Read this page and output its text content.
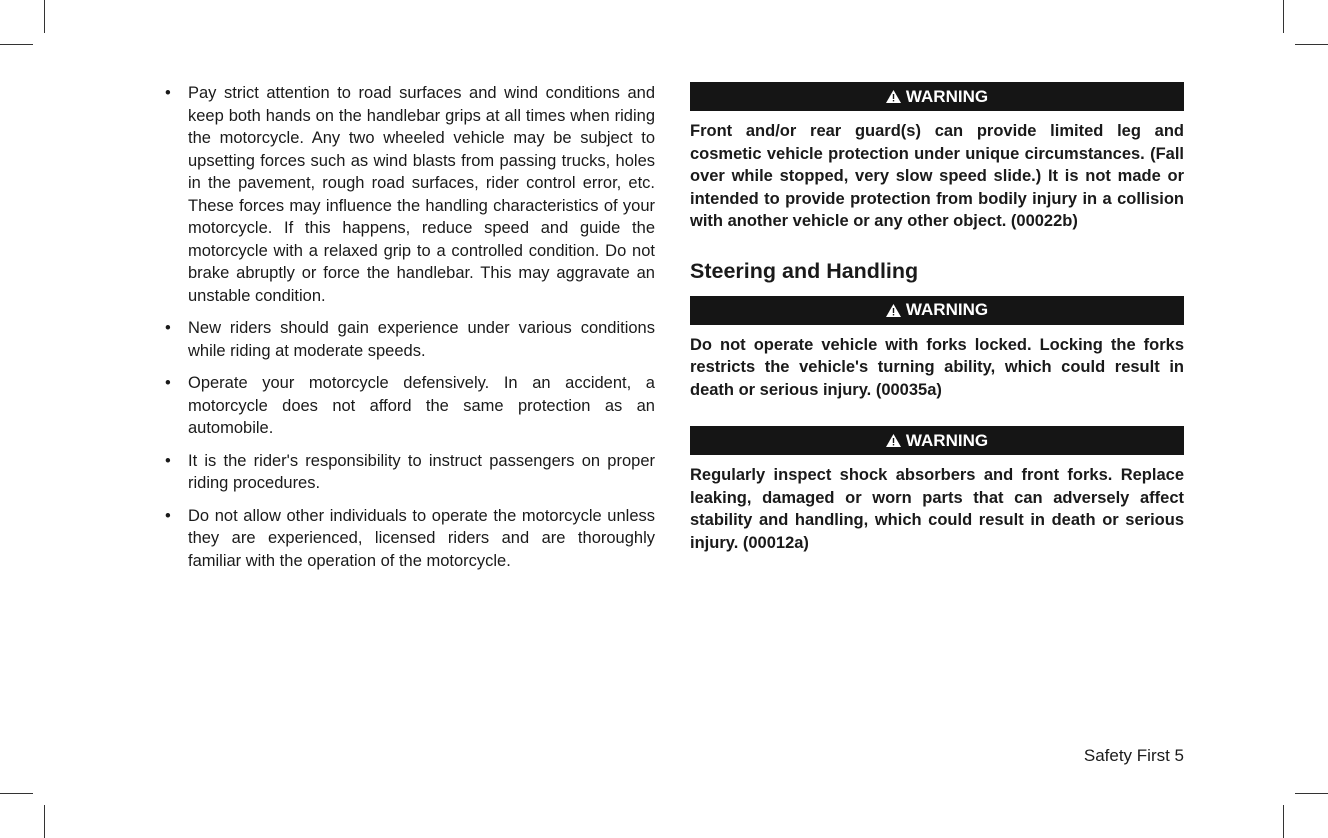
• Pay strict attention to road surfaces and wind conditions and keep both hands on the handlebar grips at all times when riding the motorcycle. Any two wheeled vehicle may be subject to upsetting forces such as wind blasts from passing trucks, holes in the pavement, rough road surfaces, rider control error, etc. These forces may influence the handling characteristics of your motorcycle. If this happens, reduce speed and guide the motorcycle with a relaxed grip to a controlled condition. Do not brake abruptly or force the handlebar. This may aggravate an unstable condition.
• New riders should gain experience under various conditions while riding at moderate speeds.
• Operate your motorcycle defensively. In an accident, a motorcycle does not afford the same protection as an automobile.
• It is the rider's responsibility to instruct passengers on proper riding procedures.
• Do not allow other individuals to operate the motorcycle unless they are experienced, licensed riders and are thoroughly familiar with the operation of the motorcycle.
WARNING

Front and/or rear guard(s) can provide limited leg and cosmetic vehicle protection under unique circumstances. (Fall over while stopped, very slow speed slide.) It is not made or intended to provide protection from bodily injury in a collision with another vehicle or any other object. (00022b)

Steering and Handling
WARNING

Do not operate vehicle with forks locked. Locking the forks restricts the vehicle's turning ability, which could result in death or serious injury. (00035a)

WARNING

Regularly inspect shock absorbers and front forks. Replace leaking, damaged or worn parts that can adversely affect stability and handling, which could result in death or serious injury. (00012a)

Safety First 5
